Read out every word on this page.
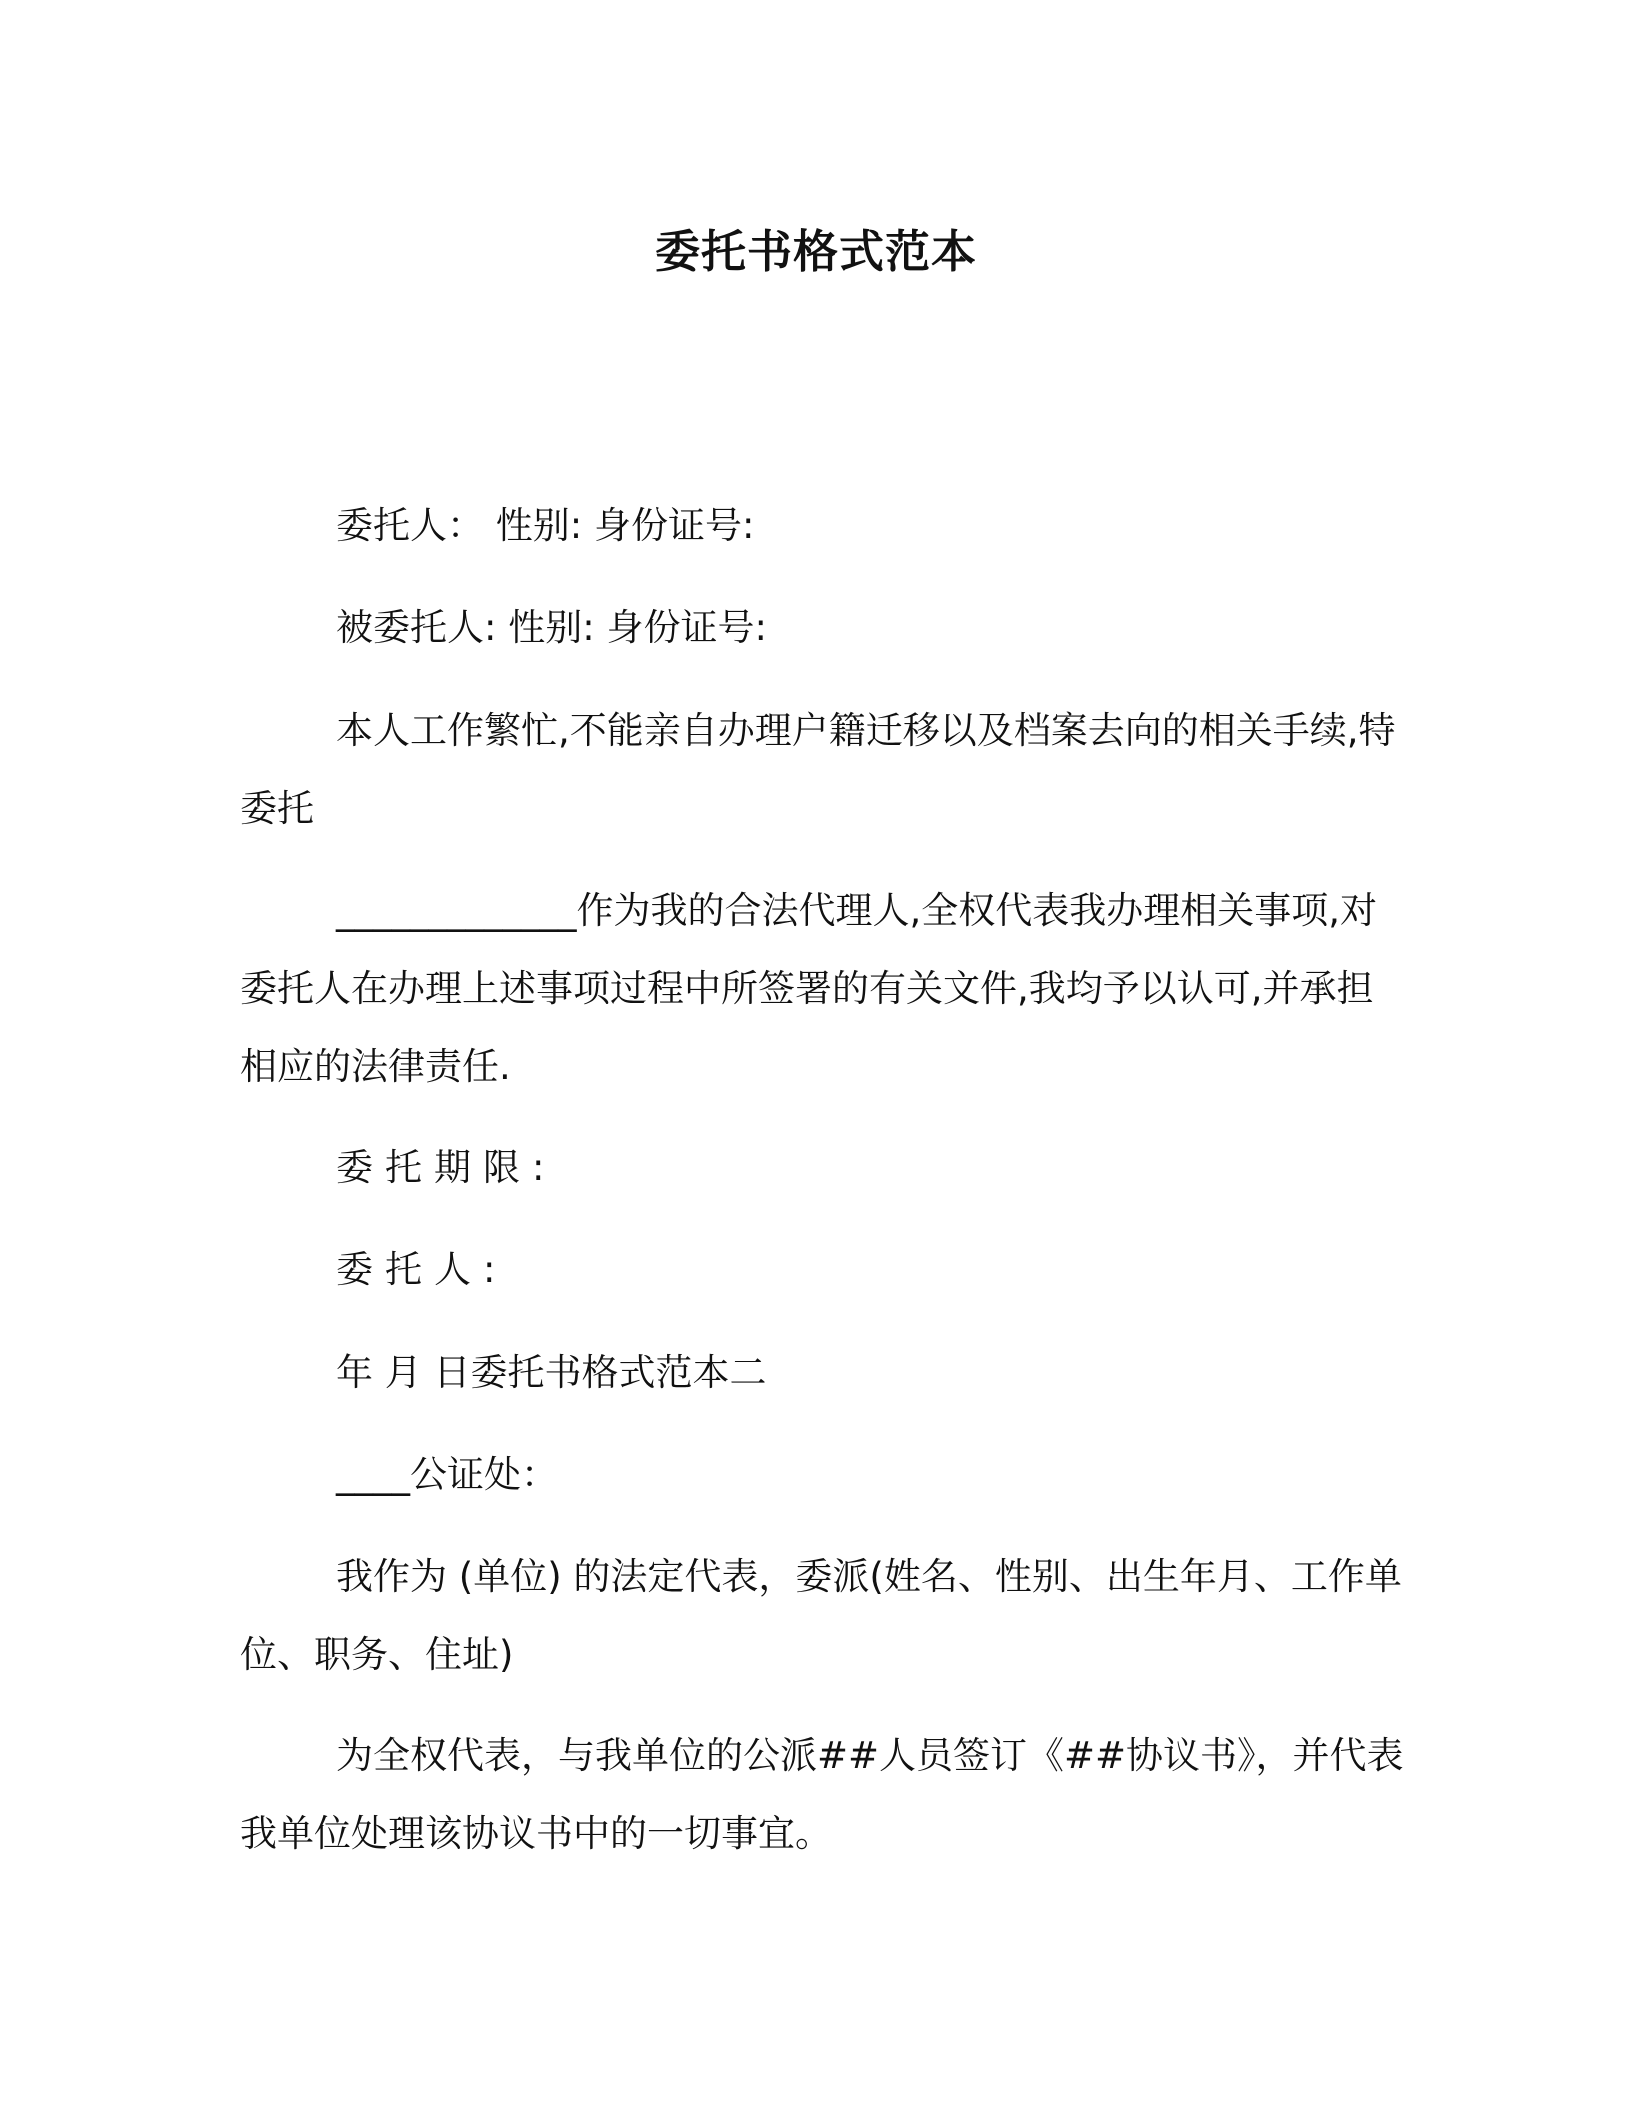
委托书格式范本

委托人： 性别: 身份证号:

被委托人: 性别: 身份证号:

本人工作繁忙,不能亲自办理户籍迁移以及档案去向的相关手续,特委托

_____________作为我的合法代理人,全权代表我办理相关事项,对委托人在办理上述事项过程中所签署的有关文件,我均予以认可,并承担相应的法律责任.

委托期限:

委托人:

年 月 日委托书格式范本二

____公证处：

我作为 (单位) 的法定代表，委派(姓名、性别、出生年月、工作单位、职务、住址)

为全权代表，与我单位的公派##人员签订《##协议书》，并代表我单位处理该协议书中的一切事宜。
